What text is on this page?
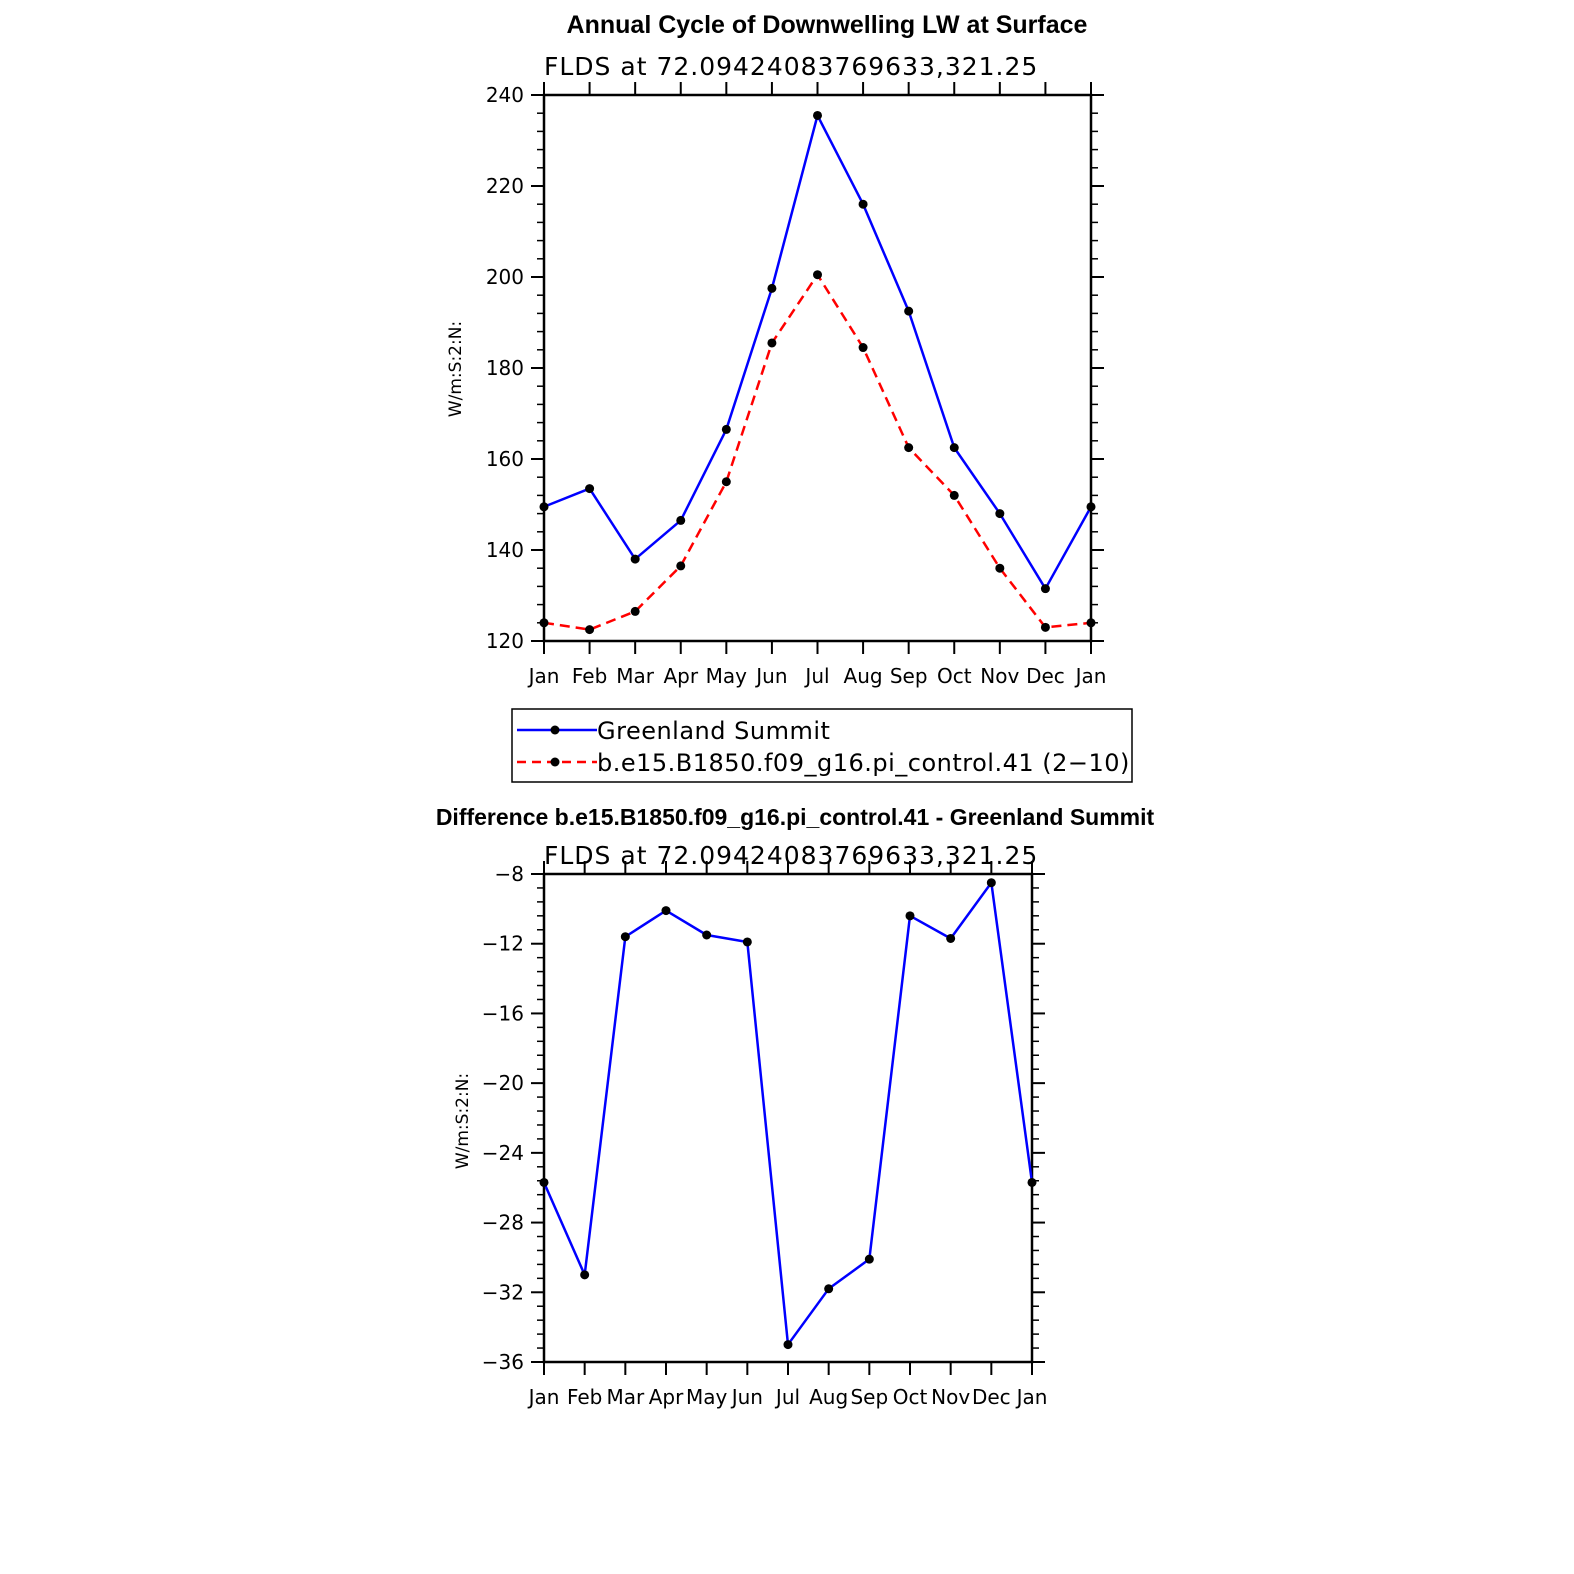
Annual Cycle of Downwelling LW at Surface
FLDS at 72.09424083769633,321.25
W/m:S:2:N:
Jan Feb Mar Apr May Jun Jul Aug Sep Oct Nov Dec Jan
120
140
160
180
200
220
240
Greenland Summit
b.e15.B1850.f09_g16.pi_control.41 (2−10)
Difference b.e15.B1850.f09_g16.pi_control.41 - Greenland Summit
FLDS at 72.09424083769633,321.25
W/m:S:2:N:
Jan Feb Mar Apr May Jun Jul Aug Sep Oct Nov Dec Jan
−36
−32
−28
−24
−20
−16
−12
−8
